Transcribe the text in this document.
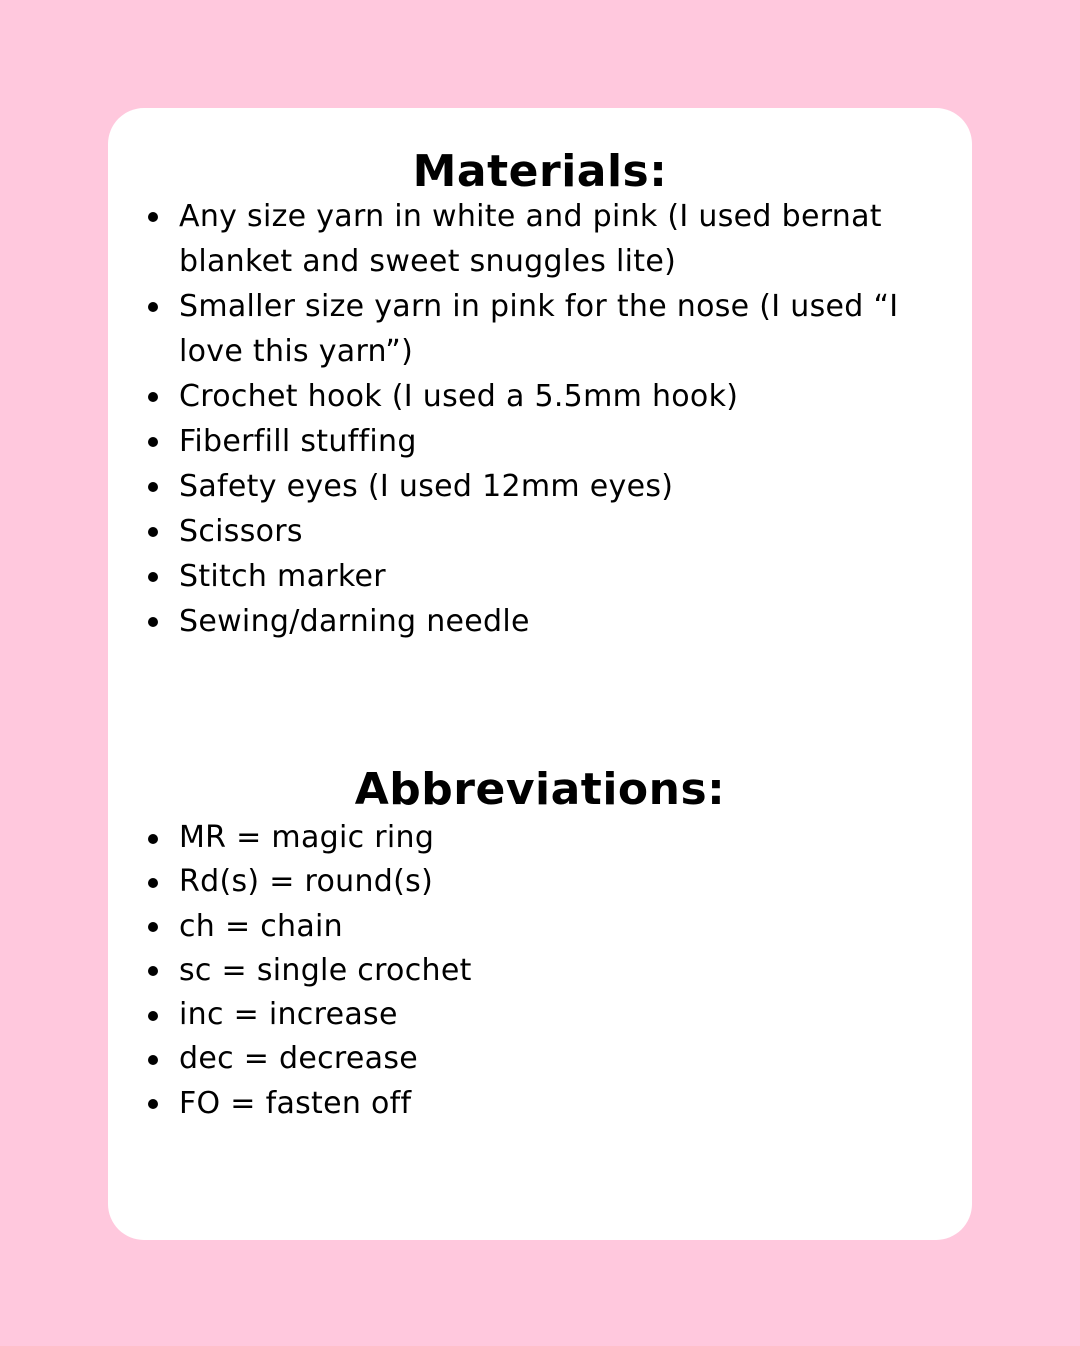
Materials:
Any size yarn in white and pink (I used bernat blanket and sweet snuggles lite)
Smaller size yarn in pink for the nose (I used “I love this yarn”)
Crochet hook (I used a 5.5mm hook)
Fiberfill stuffing
Safety eyes (I used 12mm eyes)
Scissors
Stitch marker
Sewing/darning needle
Abbreviations:
MR = magic ring
Rd(s) = round(s)
ch = chain
sc = single crochet
inc = increase
dec = decrease
FO = fasten off
